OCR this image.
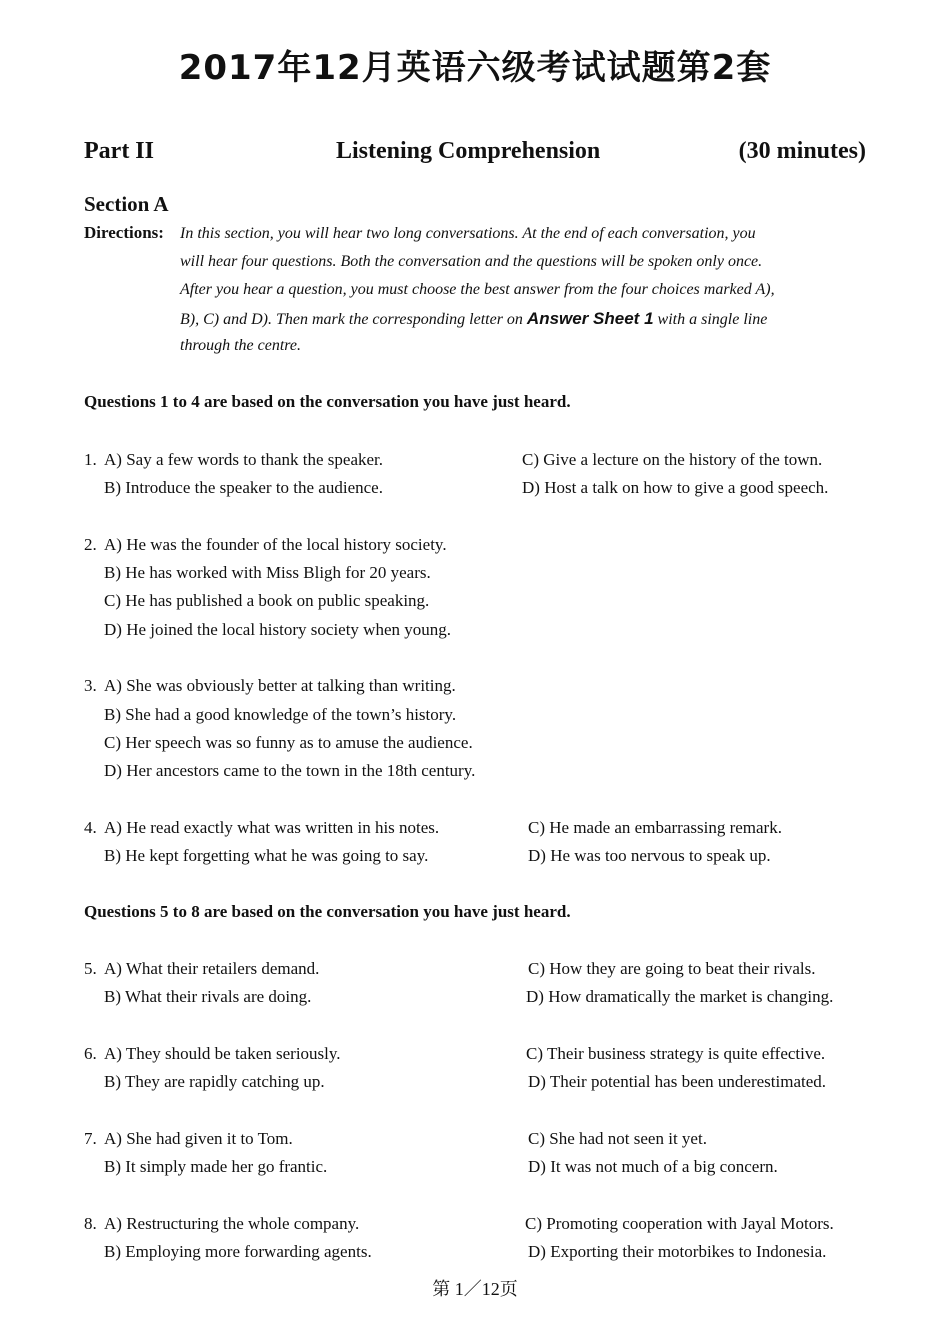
2017年12月英语六级考试试题第2套
Part II	Listening Comprehension	(30 minutes)
Section A
Directions: In this section, you will hear two long conversations. At the end of each conversation, you
will hear four questions. Both the conversation and the questions will be spoken only once.
After you hear a question, you must choose the best answer from the four choices marked A),
B), C) and D). Then mark the corresponding letter on Answer Sheet 1 with a single line
through the centre.
Questions 1 to 4 are based on the conversation you have just heard.
1. A) Say a few words to thank the speaker.
B) Introduce the speaker to the audience.
C) Give a lecture on the history of the town.
D) Host a talk on how to give a good speech.
2. A) He was the founder of the local history society.
B) He has worked with Miss Bligh for 20 years.
C) He has published a book on public speaking.
D) He joined the local history society when young.
3. A) She was obviously better at talking than writing.
B) She had a good knowledge of the town’s history.
C) Her speech was so funny as to amuse the audience.
D) Her ancestors came to the town in the 18th century.
4. A) He read exactly what was written in his notes.
B) He kept forgetting what he was going to say.
C) He made an embarrassing remark.
D) He was too nervous to speak up.
Questions 5 to 8 are based on the conversation you have just heard.
5. A) What their retailers demand.
B) What their rivals are doing.
C) How they are going to beat their rivals.
D) How dramatically the market is changing.
6. A) They should be taken seriously.
B) They are rapidly catching up.
C) Their business strategy is quite effective.
D) Their potential has been underestimated.
7. A) She had given it to Tom.
B) It simply made her go frantic.
C) She had not seen it yet.
D) It was not much of a big concern.
8. A) Restructuring the whole company.
B) Employing more forwarding agents.
C) Promoting cooperation with Jayal Motors.
D) Exporting their motorbikes to Indonesia.
第 1／12页
